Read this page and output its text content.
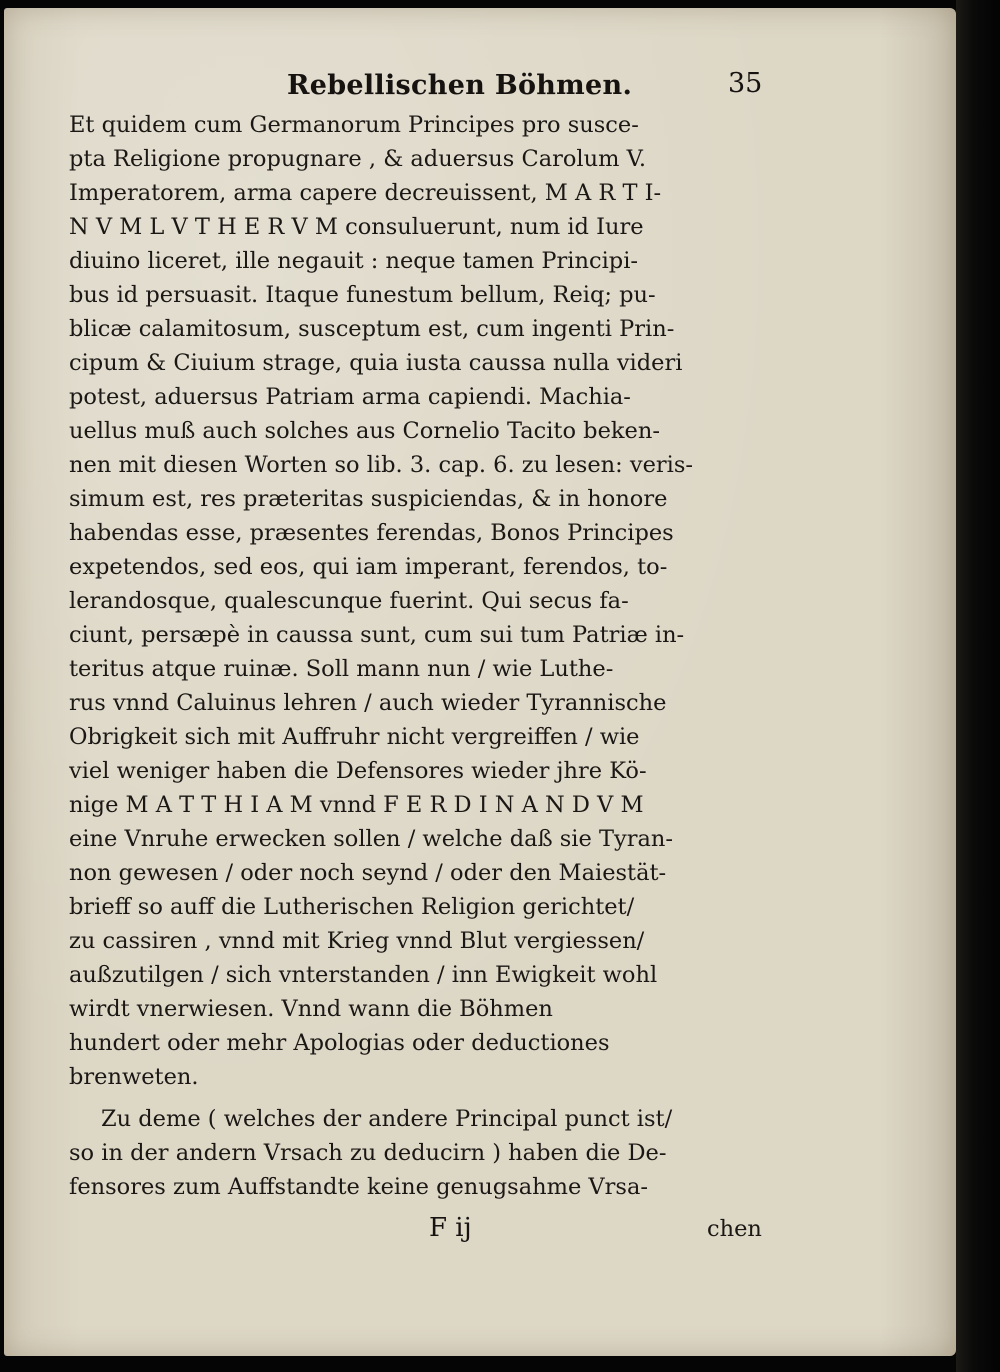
Rebellischen Böhmen.	35
Et quidem cum Germanorum Principes pro suscе-
pta Religione propugnare , & aduersus Carolum V.
Imperatorem, arma capere decreuissent, M A R T I-
N V M L V T H E R V M consuluerunt, num id Iure
diuino liceret, ille negauit : neque tamen Principi-
bus id persuasit. Itaque funestum bellum, Reiq; pu-
blicæ calamitosum, susceptum est, cum ingenti Prin-
cipum & Ciuium strage, quia iusta caussa nulla videri
potest, aduersus Patriam arma capiendi. Machia-
uellus muß auch solches aus Cornelio Tacito beken-
nen mit diesen Worten so lib. 3. cap. 6. zu lesen: veris-
simum est, res præteritas suspiciendas, & in honore
habendas esse, præsentes ferendas, Bonos Principes
expetendos, sed eos, qui iam imperant, ferendos, to-
lerandosque, qualescunque fuerint. Qui secus fa-
ciunt, persæpè in caussa sunt, cum sui tum Patriæ in-
teritus atque ruinæ. Soll mann nun / wie Luthe-
rus vnnd Caluinus lehren / auch wieder Tyrannische
Obrigkeit sich mit Auffruhr nicht vergreiffen / wie
viel weniger haben die Defensores wieder jhre Kö-
nige M A T T H I A M vnnd F E R D I N A N D V M
eine Vnruhe erwecken sollen / welche daß sie Tyran-
non gewesen / oder noch seynd / oder den Maiestät-
brieff so auff die Lutherischen Religion gerichtet/
zu cassiren , vnnd mit Krieg vnnd Blut vergiessen/
außzutilgen / sich vnterstanden / inn Ewigkeit wohl
wirdt vnerwiesen. Vnnd wann die Böhmen
hundert oder mehr Apologias oder deductiones
brenweten.
Zu deme ( welches der andere Principal punct ist/
so in der andern Vrsach zu deducirn ) haben die De-
fensores zum Auffstandte keine genugsahme Vrsa-
F ij	chen
